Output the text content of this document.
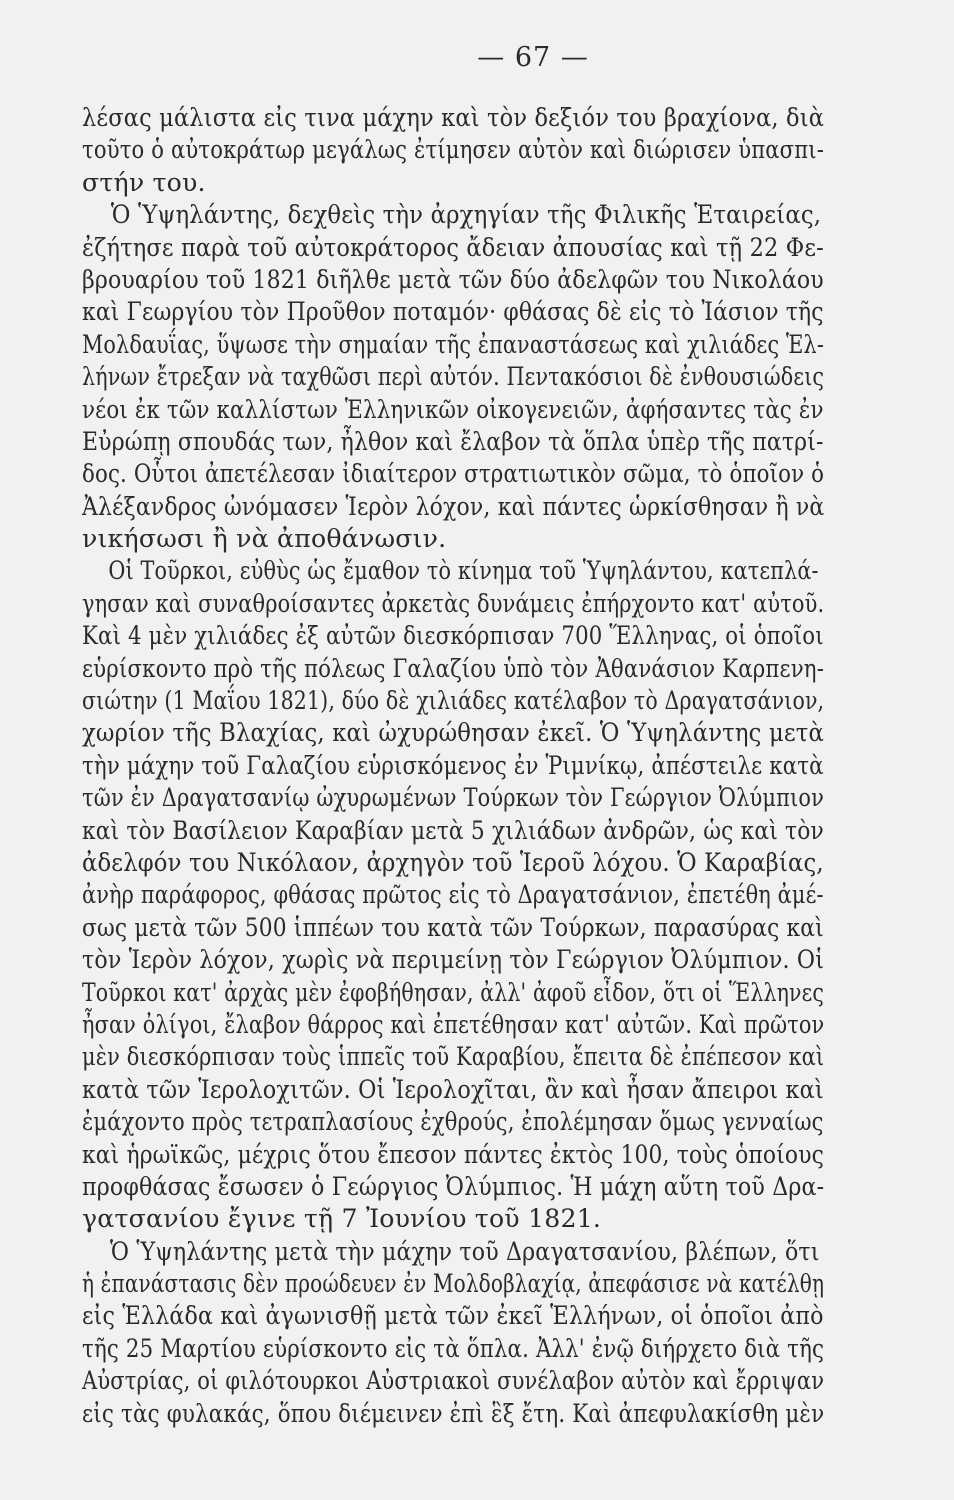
— 67 —
λέσας μάλιστα εἰς τινα μάχην καὶ τὸν δεξιόν του βραχίονα, διὰ
τοῦτο ὁ αὐτοκράτωρ μεγάλως ἐτίμησεν αὐτὸν καὶ διώρισεν ὑπασπι-
στήν του.
Ὁ Ὑψηλάντης, δεχθεὶς τὴν ἀρχηγίαν τῆς Φιλικῆς Ἑταιρείας,
ἐζήτησε παρὰ τοῦ αὐτοκράτορος ἄδειαν ἀπουσίας καὶ τῇ 22 Φε-
βρουαρίου τοῦ 1821 διῆλθε μετὰ τῶν δύο ἀδελφῶν του Νικολάου
καὶ Γεωργίου τὸν Προῦθον ποταμόν· φθάσας δὲ εἰς τὸ Ἰάσιον τῆς
Μολδαυΐας, ὕψωσε τὴν σημαίαν τῆς ἐπαναστάσεως καὶ χιλιάδες Ἑλ-
λήνων ἔτρεξαν νὰ ταχθῶσι περὶ αὐτόν. Πεντακόσιοι δὲ ἐνθουσιώδεις
νέοι ἐκ τῶν καλλίστων Ἑλληνικῶν οἰκογενειῶν, ἀφήσαντες τὰς ἐν
Εὐρώπῃ σπουδάς των, ἦλθον καὶ ἔλαβον τὰ ὅπλα ὑπὲρ τῆς πατρί-
δος. Οὗτοι ἀπετέλεσαν ἰδιαίτερον στρατιωτικὸν σῶμα, τὸ ὁποῖον ὁ
Ἀλέξανδρος ὠνόμασεν Ἱερὸν λόχον, καὶ πάντες ὡρκίσθησαν ἢ νὰ
νικήσωσι ἢ νὰ ἀποθάνωσιν.
Οἱ Τοῦρκοι, εὐθὺς ὡς ἔμαθον τὸ κίνημα τοῦ Ὑψηλάντου, κατεπλά-
γησαν καὶ συναθροίσαντες ἀρκετὰς δυνάμεις ἐπήρχοντο κατ' αὐτοῦ.
Καὶ 4 μὲν χιλιάδες ἐξ αὐτῶν διεσκόρπισαν 700 Ἕλληνας, οἱ ὁποῖοι
εὑρίσκοντο πρὸ τῆς πόλεως Γαλαζίου ὑπὸ τὸν Ἀθανάσιον Καρπενη-
σιώτην (1 Μαΐου 1821), δύο δὲ χιλιάδες κατέλαβον τὸ Δραγατσάνιον,
χωρίον τῆς Βλαχίας, καὶ ὠχυρώθησαν ἐκεῖ. Ὁ Ὑψηλάντης μετὰ
τὴν μάχην τοῦ Γαλαζίου εὑρισκόμενος ἐν Ῥιμνίκῳ, ἀπέστειλε κατὰ
τῶν ἐν Δραγατσανίῳ ὠχυρωμένων Τούρκων τὸν Γεώργιον Ὀλύμπιον
καὶ τὸν Βασίλειον Καραβίαν μετὰ 5 χιλιάδων ἀνδρῶν, ὡς καὶ τὸν
ἀδελφόν του Νικόλαον, ἀρχηγὸν τοῦ Ἱεροῦ λόχου. Ὁ Καραβίας,
ἀνὴρ παράφορος, φθάσας πρῶτος εἰς τὸ Δραγατσάνιον, ἐπετέθη ἀμέ-
σως μετὰ τῶν 500 ἱππέων του κατὰ τῶν Τούρκων, παρασύρας καὶ
τὸν Ἱερὸν λόχον, χωρὶς νὰ περιμείνῃ τὸν Γεώργιον Ὀλύμπιον. Οἱ
Τοῦρκοι κατ' ἀρχὰς μὲν ἐφοβήθησαν, ἀλλ' ἀφοῦ εἶδον, ὅτι οἱ Ἕλληνες
ἦσαν ὀλίγοι, ἔλαβον θάρρος καὶ ἐπετέθησαν κατ' αὐτῶν. Καὶ πρῶτον
μὲν διεσκόρπισαν τοὺς ἱππεῖς τοῦ Καραβίου, ἔπειτα δὲ ἐπέπεσον καὶ
κατὰ τῶν Ἱερολοχιτῶν. Οἱ Ἱερολοχῖται, ἂν καὶ ἦσαν ἄπειροι καὶ
ἐμάχοντο πρὸς τετραπλασίους ἐχθρούς, ἐπολέμησαν ὅμως γενναίως
καὶ ἡρωϊκῶς, μέχρις ὅτου ἔπεσον πάντες ἐκτὸς 100, τοὺς ὁποίους
προφθάσας ἔσωσεν ὁ Γεώργιος Ὀλύμπιος. Ἡ μάχη αὕτη τοῦ Δρα-
γατσανίου ἔγινε τῇ 7 Ἰουνίου τοῦ 1821.
Ὁ Ὑψηλάντης μετὰ τὴν μάχην τοῦ Δραγατσανίου, βλέπων, ὅτι
ἡ ἐπανάστασις δὲν προώδευεν ἐν Μολδοβλαχίᾳ, ἀπεφάσισε νὰ κατέλθῃ
εἰς Ἑλλάδα καὶ ἀγωνισθῇ μετὰ τῶν ἐκεῖ Ἑλλήνων, οἱ ὁποῖοι ἀπὸ
τῆς 25 Μαρτίου εὑρίσκοντο εἰς τὰ ὅπλα. Ἀλλ' ἐνῷ διήρχετο διὰ τῆς
Αὐστρίας, οἱ φιλότουρκοι Αὐστριακοὶ συνέλαβον αὐτὸν καὶ ἔρριψαν
εἰς τὰς φυλακάς, ὅπου διέμεινεν ἐπὶ ἓξ ἔτη. Καὶ ἀπεφυλακίσθη μὲν
